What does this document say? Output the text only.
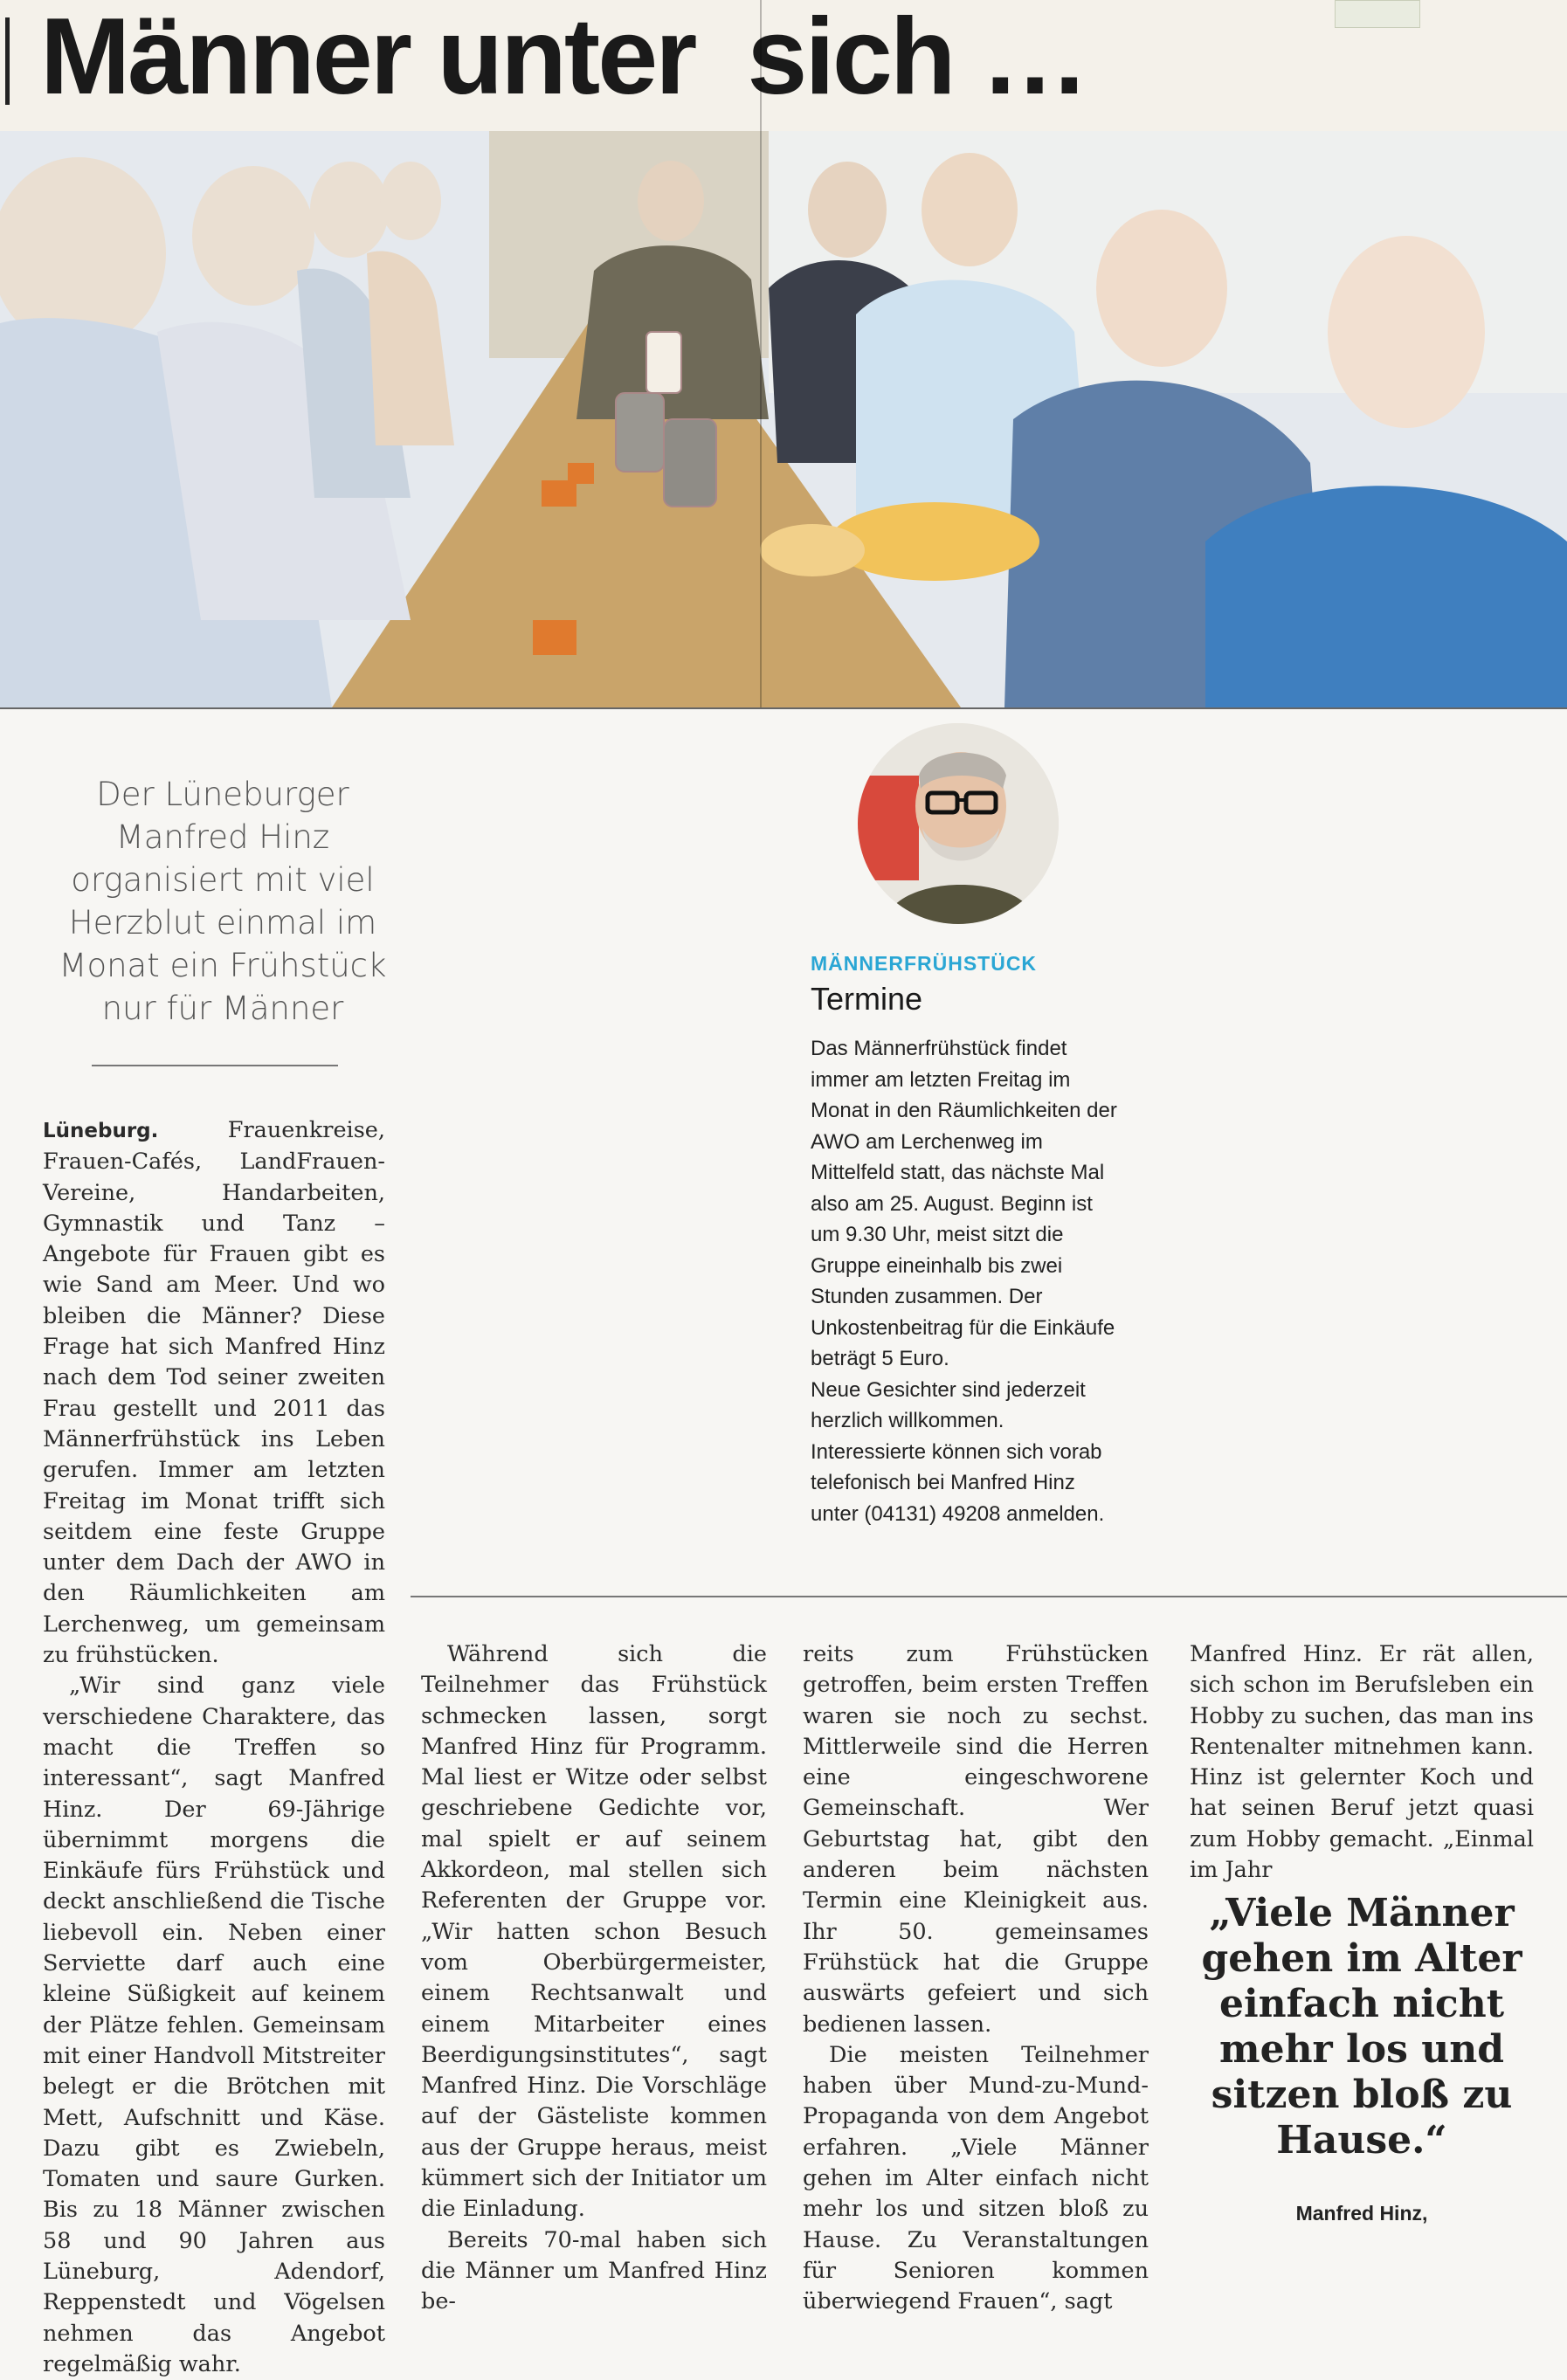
Männer unter sich …

Der Lüneburger Manfred Hinz organisiert mit viel Herzblut einmal im Monat ein Frühstück nur für Männer

MÄNNERFRÜHSTÜCK
Termine

Das Männerfrühstück findet immer am letzten Freitag im Monat in den Räumlichkeiten der AWO am Lerchenweg im Mittelfeld statt, das nächste Mal also am 25. August. Beginn ist um 9.30 Uhr, meist sitzt die Gruppe eineinhalb bis zwei Stunden zusammen. Der Unkostenbeitrag für die Einkäufe beträgt 5 Euro.

Neue Gesichter sind jederzeit herzlich willkommen. Interessierte können sich vorab telefonisch bei Manfred Hinz unter (04131) 49208 anmelden.

Lüneburg. Frauenkreise, Frauen-Cafés, LandFrauen-Vereine, Handarbeiten, Gymnastik und Tanz – Angebote für Frauen gibt es wie Sand am Meer. Und wo bleiben die Männer? Diese Frage hat sich Manfred Hinz nach dem Tod seiner zweiten Frau gestellt und 2011 das Männerfrühstück ins Leben gerufen. Immer am letzten Freitag im Monat trifft sich seitdem eine feste Gruppe unter dem Dach der AWO in den Räumlichkeiten am Lerchenweg, um gemeinsam zu frühstücken.

„Wir sind ganz viele verschiedene Charaktere, das macht die Treffen so interessant“, sagt Manfred Hinz. Der 69-Jährige übernimmt morgens die Einkäufe fürs Frühstück und deckt anschließend die Tische liebevoll ein. Neben einer Serviette darf auch eine kleine Süßigkeit auf keinem der Plätze fehlen. Gemeinsam mit einer Handvoll Mitstreiter belegt er die Brötchen mit Mett, Aufschnitt und Käse. Dazu gibt es Zwiebeln, Tomaten und saure Gurken. Bis zu 18 Männer zwischen 58 und 90 Jahren aus Lüneburg, Adendorf, Reppenstedt und Vögelsen nehmen das Angebot regelmäßig wahr.

Während sich die Teilnehmer das Frühstück schmecken lassen, sorgt Manfred Hinz für Programm. Mal liest er Witze oder selbst geschriebene Gedichte vor, mal spielt er auf seinem Akkordeon, mal stellen sich Referenten der Gruppe vor. „Wir hatten schon Besuch vom Oberbürgermeister, einem Rechtsanwalt und einem Mitarbeiter eines Beerdigungsinstitutes“, sagt Manfred Hinz. Die Vorschläge auf der Gästeliste kommen aus der Gruppe heraus, meist kümmert sich der Initiator um die Einladung.

Bereits 70-mal haben sich die Männer um Manfred Hinz be-

reits zum Frühstücken getroffen, beim ersten Treffen waren sie noch zu sechst. Mittlerweile sind die Herren eine eingeschworene Gemeinschaft. Wer Geburtstag hat, gibt den anderen beim nächsten Termin eine Kleinigkeit aus. Ihr 50. gemeinsames Frühstück hat die Gruppe auswärts gefeiert und sich bedienen lassen.

Die meisten Teilnehmer haben über Mund-zu-Mund-Propaganda von dem Angebot erfahren. „Viele Männer gehen im Alter einfach nicht mehr los und sitzen bloß zu Hause. Zu Veranstaltungen für Senioren kommen überwiegend Frauen“, sagt

Manfred Hinz. Er rät allen, sich schon im Berufsleben ein Hobby zu suchen, das man ins Rentenalter mitnehmen kann. Hinz ist gelernter Koch und hat seinen Beruf jetzt quasi zum Hobby gemacht. „Einmal im Jahr

„Viele Männer gehen im Alter einfach nicht mehr los und sitzen bloß zu Hause.“

Manfred Hinz,
